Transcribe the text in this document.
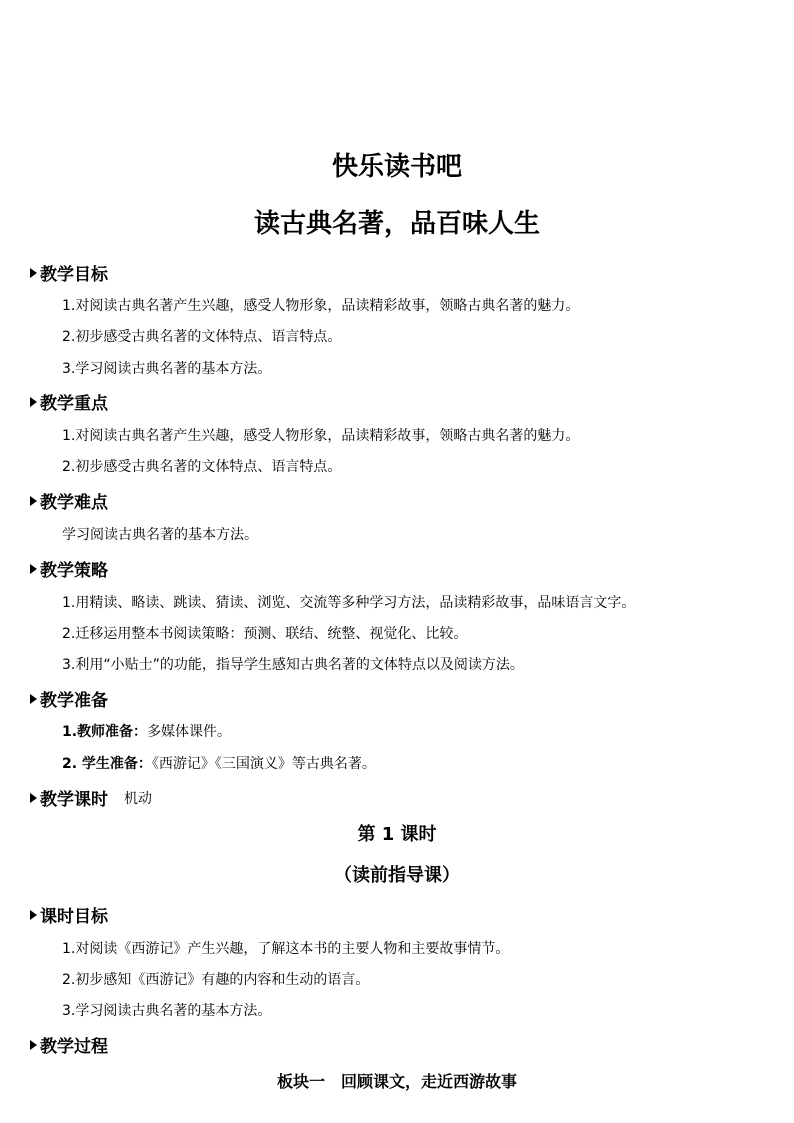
快乐读书吧
读古典名著，品百味人生
教学目标
1.对阅读古典名著产生兴趣，感受人物形象，品读精彩故事，领略古典名著的魅力。
2.初步感受古典名著的文体特点、语言特点。
3.学习阅读古典名著的基本方法。
教学重点
1.对阅读古典名著产生兴趣，感受人物形象，品读精彩故事，领略古典名著的魅力。
2.初步感受古典名著的文体特点、语言特点。
教学难点
学习阅读古典名著的基本方法。
教学策略
1.用精读、略读、跳读、猜读、浏览、交流等多种学习方法，品读精彩故事，品味语言文字。
2.迁移运用整本书阅读策略：预测、联结、统整、视觉化、比较。
3.利用“小贴士”的功能，指导学生感知古典名著的文体特点以及阅读方法。
教学准备
1.教师准备：多媒体课件。
2. 学生准备：《西游记》《三国演义》等古典名著。
教学课时 机动
第 1 课时
（读前指导课）
课时目标
1.对阅读《西游记》产生兴趣，了解这本书的主要人物和主要故事情节。
2.初步感知《西游记》有趣的内容和生动的语言。
3.学习阅读古典名著的基本方法。
教学过程
板块一　回顾课文，走近西游故事
